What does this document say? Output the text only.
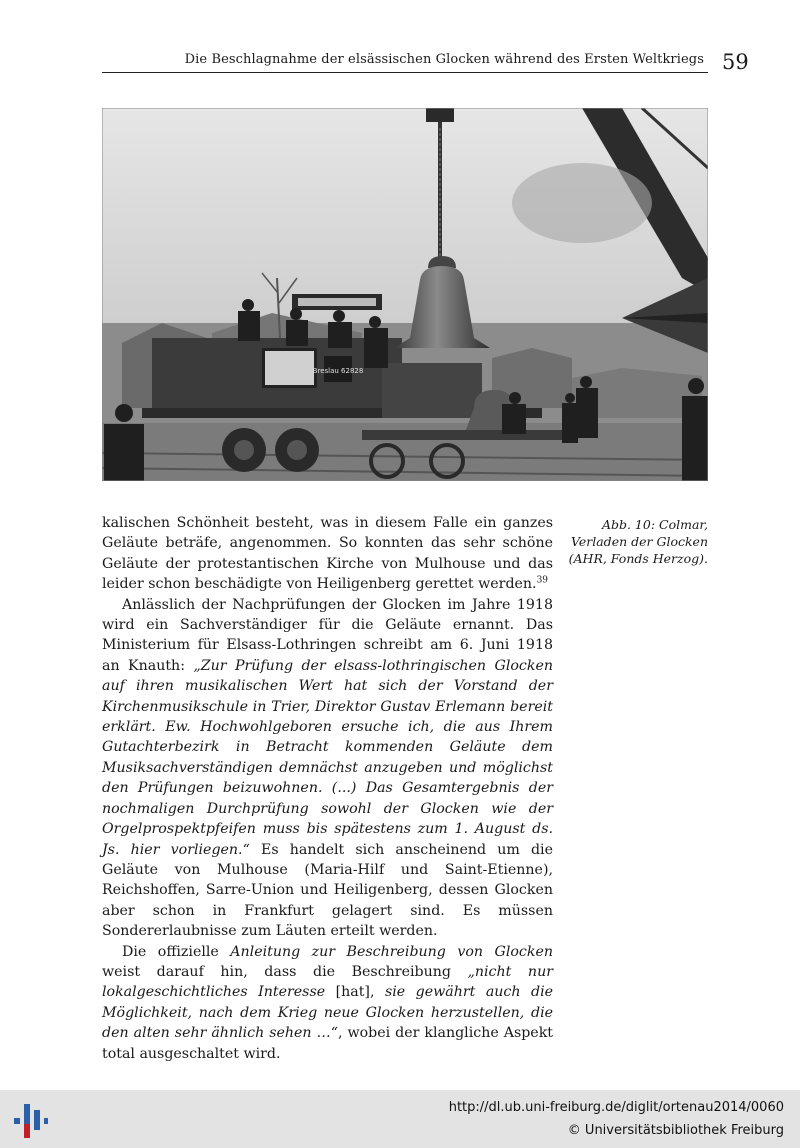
Die Beschlagnahme der elsässischen Glocken während des Ersten Weltkriegs 59
Breslau 62828
Abb. 10: Colmar,
Verladen der Glocken
(AHR, Fonds Herzog).

kalischen Schönheit besteht, was in diesem Falle ein ganzes Geläute beträfe, angenommen. So konnten das sehr schöne Geläute der protestantischen Kirche von Mulhouse und das leider schon beschädigte von Heiligenberg gerettet werden.$^{39}$

Anlässlich der Nachprüfungen der Glocken im Jahre 1918 wird ein Sachverständiger für die Geläute ernannt. Das Ministerium für Elsass-Lothringen schreibt am 6. Juni 1918 an Knauth: „Zur Prüfung der elsass-lothringischen Glocken auf ihren musikalischen Wert hat sich der Vorstand der Kirchenmusikschule in Trier, Direktor Gustav Erlemann bereit erklärt. Ew. Hochwohlgeboren ersuche ich, die aus Ihrem Gutachterbezirk in Betracht kommenden Geläute dem Musiksachverständigen demnächst anzugeben und möglichst den Prüfungen beizuwohnen. (...) Das Gesamtergebnis der nochmaligen Durchprüfung sowohl der Glocken wie der Orgelprospektpfeifen muss bis spätestens zum 1. August ds. Js. hier vorliegen.“ Es handelt sich anscheinend um die Geläute von Mulhouse (Maria-Hilf und Saint-Etienne), Reichshoffen, Sarre-Union und Heiligenberg, dessen Glocken aber schon in Frankfurt gelagert sind. Es müssen Sondererlaubnisse zum Läuten erteilt werden.

Die offizielle Anleitung zur Beschreibung von Glocken weist darauf hin, dass die Beschreibung „nicht nur lokalgeschichtliches Interesse [hat], sie gewährt auch die Möglichkeit, nach dem Krieg neue Glocken herzustellen, die den alten sehr ähnlich sehen …“, wobei der klangliche Aspekt total ausgeschaltet wird.

http://dl.ub.uni-freiburg.de/diglit/ortenau2014/0060
© Universitätsbibliothek Freiburg
